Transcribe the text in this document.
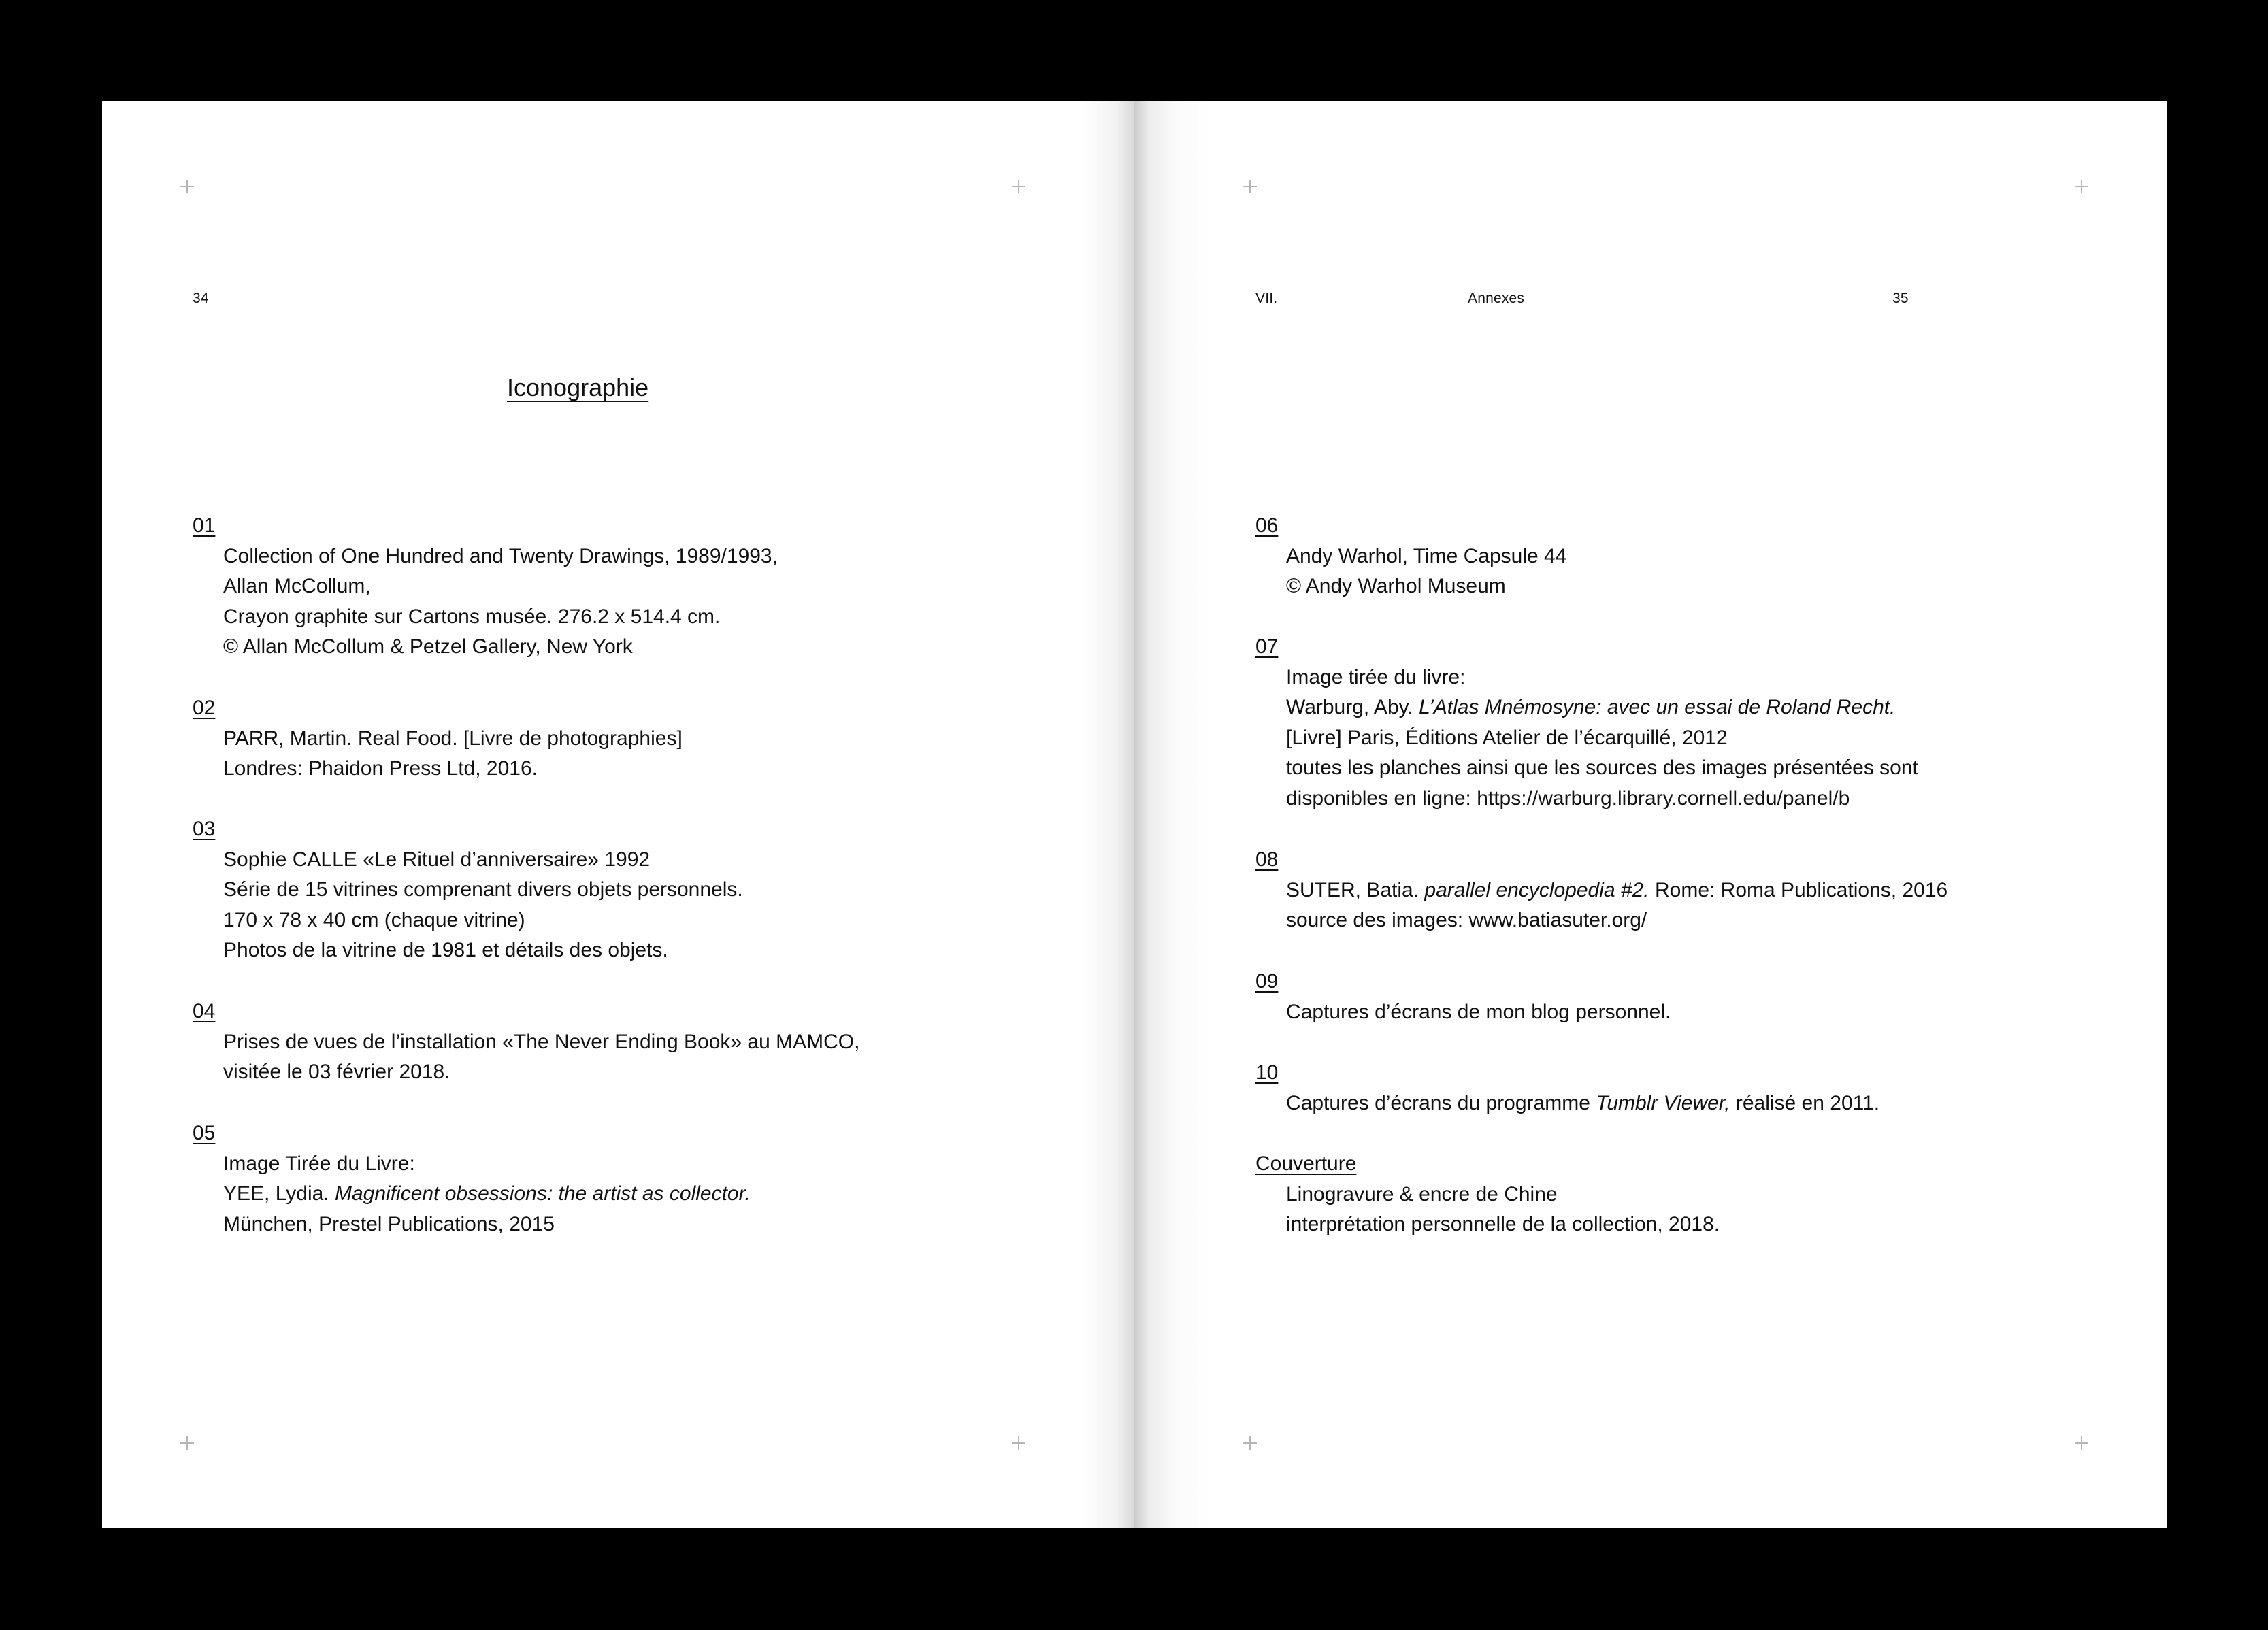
34
Iconographie
01
Collection of One Hundred and Twenty Drawings, 1989/1993,
Allan McCollum,
Crayon graphite sur Cartons musée. 276.2 x 514.4 cm.
© Allan McCollum & Petzel Gallery, New York
02
PARR, Martin. Real Food. [Livre de photographies]
Londres: Phaidon Press Ltd, 2016.
03
Sophie CALLE «Le Rituel d’anniversaire» 1992
Série de 15 vitrines comprenant divers objets personnels.
170 x 78 x 40 cm (chaque vitrine)
Photos de la vitrine de 1981 et détails des objets.
04
Prises de vues de l’installation «The Never Ending Book» au MAMCO,
visitée le 03 février 2018.
05
Image Tirée du Livre:
YEE, Lydia. Magnificent obsessions: the artist as collector.
München, Prestel Publications, 2015
VII.	Annexes	35
06
Andy Warhol, Time Capsule 44
© Andy Warhol Museum
07
Image tirée du livre:
Warburg, Aby. L’Atlas Mnémosyne: avec un essai de Roland Recht.
[Livre] Paris, Éditions Atelier de l’écarquillé, 2012
toutes les planches ainsi que les sources des images présentées sont
disponibles en ligne: https://warburg.library.cornell.edu/panel/b
08
SUTER, Batia. parallel encyclopedia #2. Rome: Roma Publications, 2016
source des images: www.batiasuter.org/
09
Captures d’écrans de mon blog personnel.
10
Captures d’écrans du programme Tumblr Viewer, réalisé en 2011.
Couverture
Linogravure & encre de Chine
interprétation personnelle de la collection, 2018.
